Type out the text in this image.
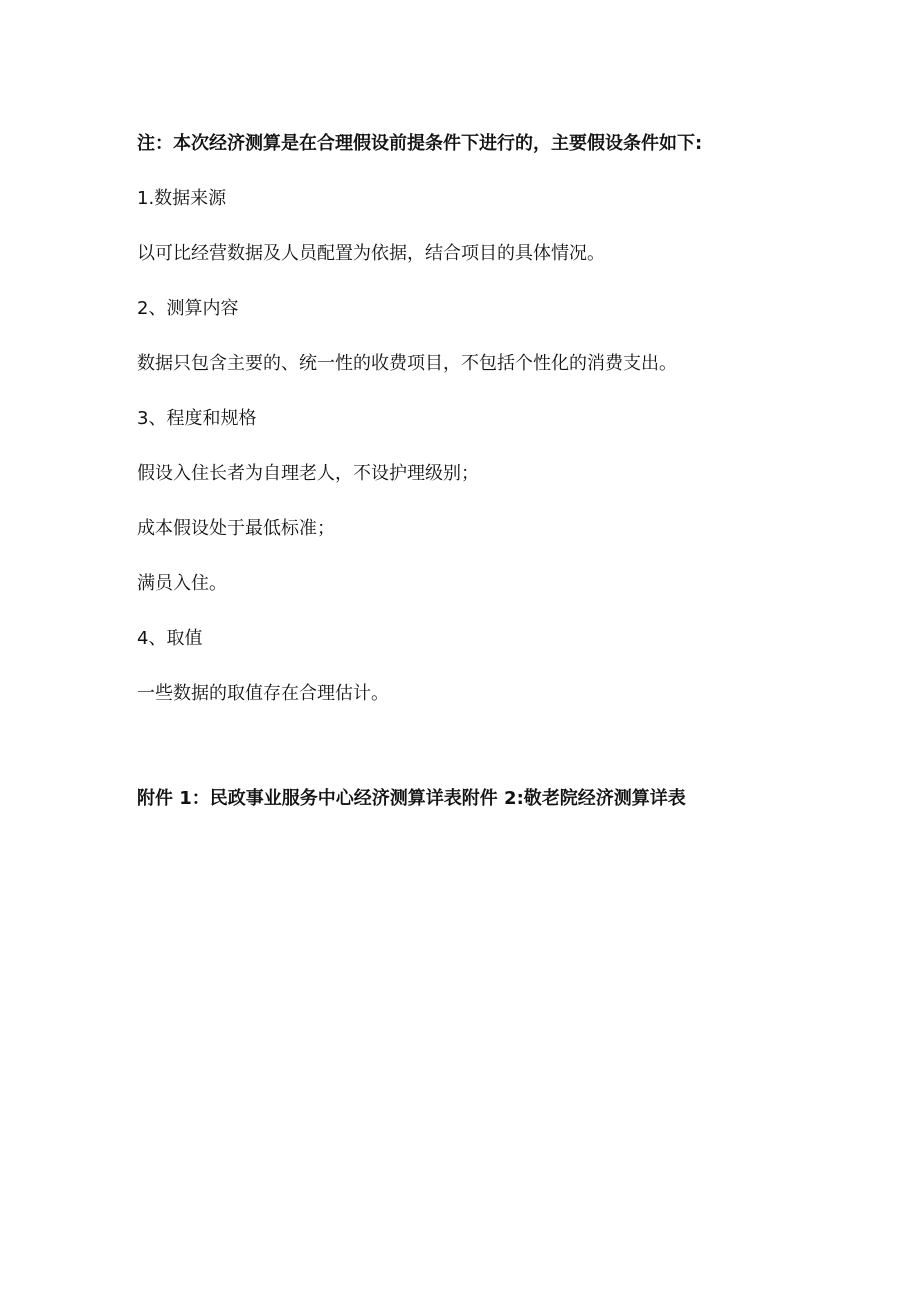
注：本次经济测算是在合理假设前提条件下进行的，主要假设条件如下:
1.数据来源
以可比经营数据及人员配置为依据，结合项目的具体情况。
2、测算内容
数据只包含主要的、统一性的收费项目，不包括个性化的消费支出。
3、程度和规格
假设入住长者为自理老人，不设护理级别；
成本假设处于最低标准；
满员入住。
4、取值
一些数据的取值存在合理估计。
附件 1：民政事业服务中心经济测算详表附件 2:敬老院经济测算详表
